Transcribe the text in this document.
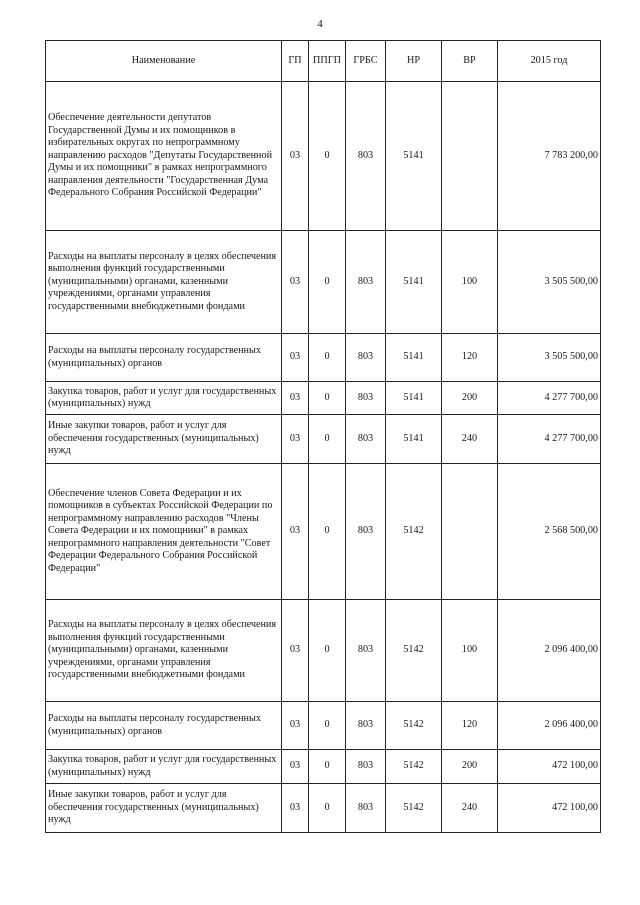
4
Наименование	ГП	ППГП	ГРБС	НР	ВР	2015 год
Обеспечение деятельности депутатов Государственной Думы и их помощников в избирательных округах по непрограммному направлению расходов "Депутаты Государственной Думы и их помощники" в рамках непрограммного направления деятельности "Государственная Дума Федерального Собрания Российской Федерации"	03	0	803	5141		7 783 200,00
Расходы на выплаты персоналу в целях обеспечения выполнения функций государственными (муниципальными) органами, казенными учреждениями, органами управления государственными внебюджетными фондами	03	0	803	5141	100	3 505 500,00
Расходы на выплаты персоналу государственных (муниципальных) органов	03	0	803	5141	120	3 505 500,00
Закупка товаров, работ и услуг для государственных (муниципальных) нужд	03	0	803	5141	200	4 277 700,00
Иные закупки товаров, работ и услуг для обеспечения государственных (муниципальных) нужд	03	0	803	5141	240	4 277 700,00
Обеспечение членов Совета Федерации и их помощников в субъектах Российской Федерации по непрограммному направлению расходов "Члены Совета Федерации и их помощники" в рамках непрограммного направления деятельности "Совет Федерации Федерального Собрания Российской Федерации"	03	0	803	5142		2 568 500,00
Расходы на выплаты персоналу в целях обеспечения выполнения функций государственными (муниципальными) органами, казенными учреждениями, органами управления государственными внебюджетными фондами	03	0	803	5142	100	2 096 400,00
Расходы на выплаты персоналу государственных (муниципальных) органов	03	0	803	5142	120	2 096 400,00
Закупка товаров, работ и услуг для государственных (муниципальных) нужд	03	0	803	5142	200	472 100,00
Иные закупки товаров, работ и услуг для обеспечения государственных (муниципальных) нужд	03	0	803	5142	240	472 100,00
